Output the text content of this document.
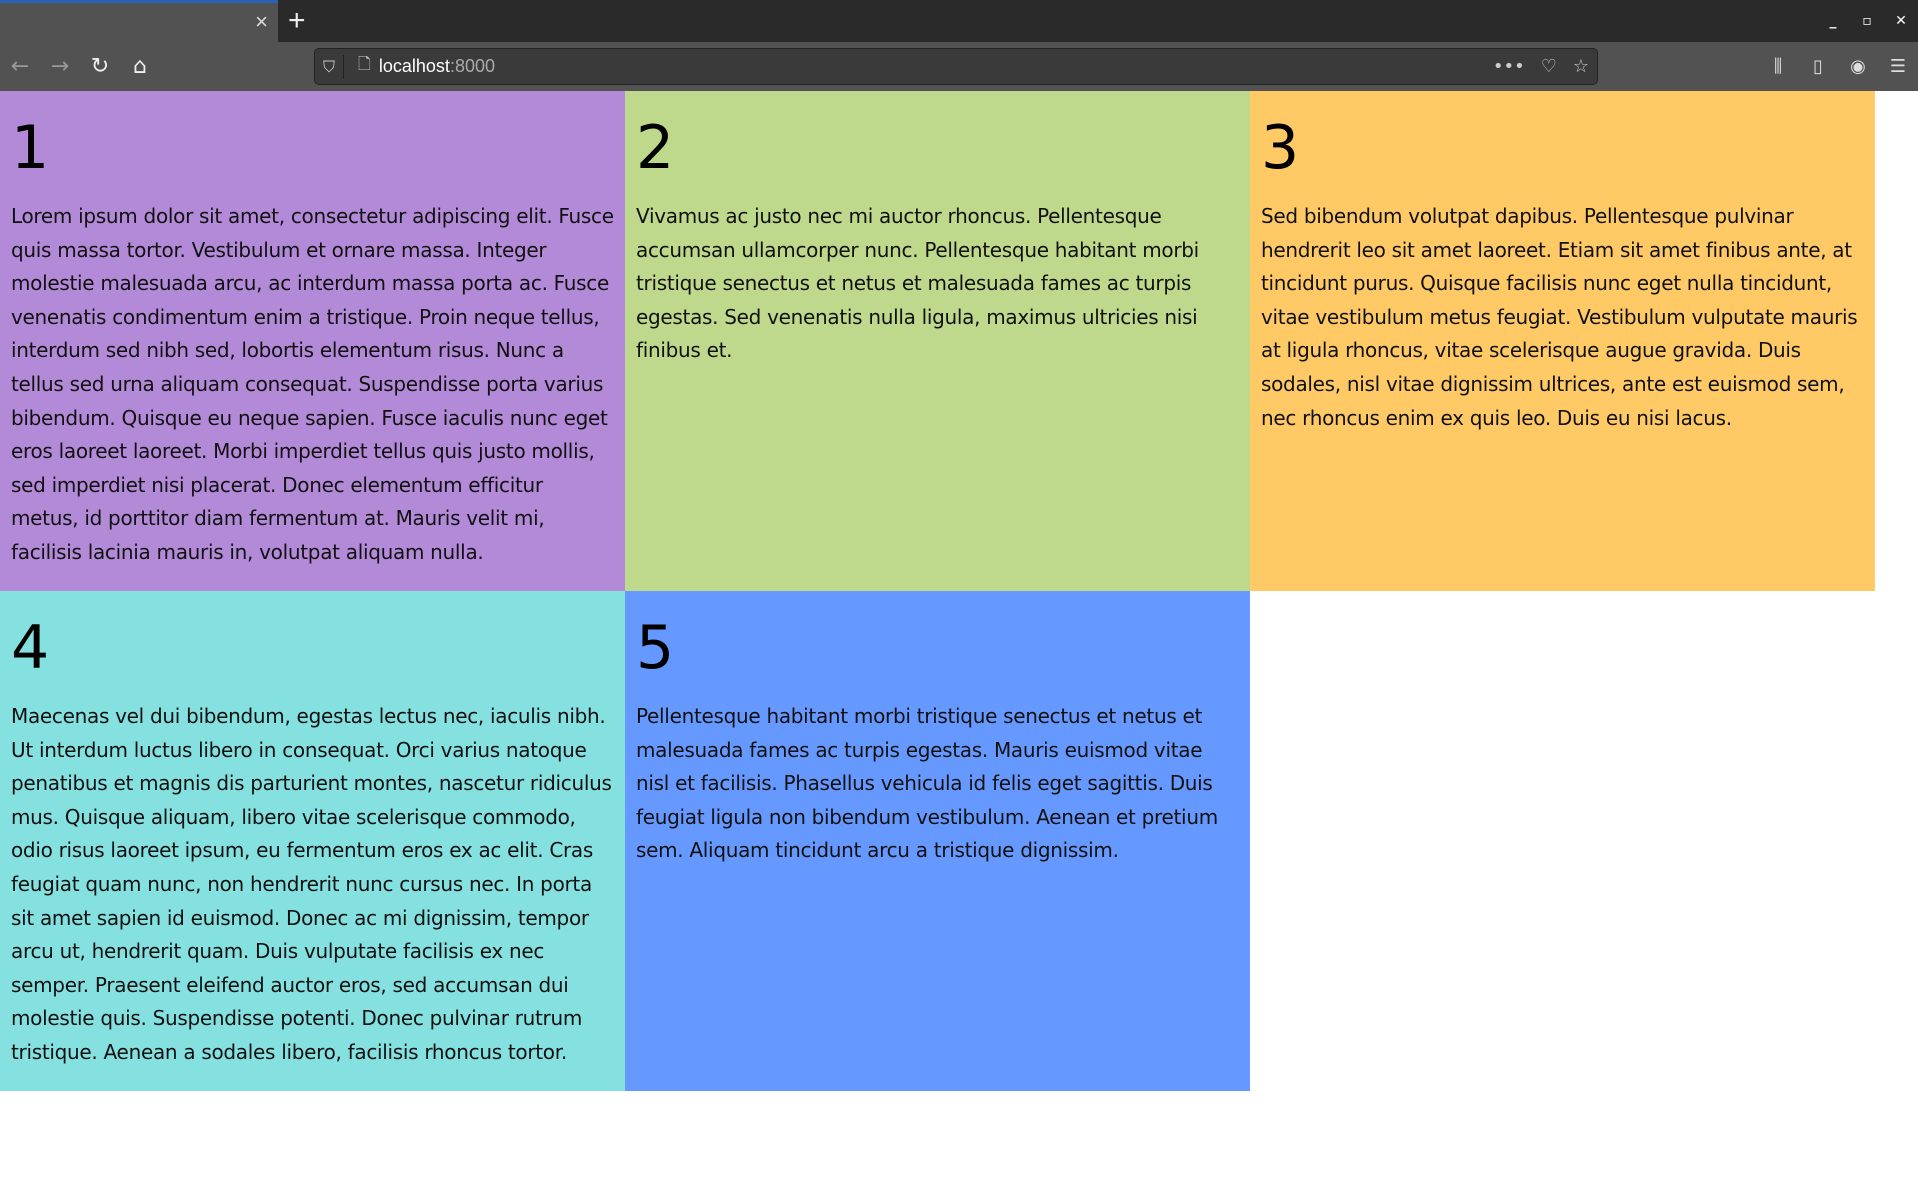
× +	_	▫	✕
← → ↻	⌂	⛉ 🗋 localhost:8000	••• ♡ ☆	⫼	▯	◉	☰
1

Lorem ipsum dolor sit amet, consectetur adipiscing elit. Fusce quis massa tortor. Vestibulum et ornare massa. Integer molestie malesuada arcu, ac interdum massa porta ac. Fusce venenatis condimentum enim a tristique. Proin neque tellus, interdum sed nibh sed, lobortis elementum risus. Nunc a tellus sed urna aliquam consequat. Suspendisse porta varius bibendum. Quisque eu neque sapien. Fusce iaculis nunc eget eros laoreet laoreet. Morbi imperdiet tellus quis justo mollis, sed imperdiet nisi placerat. Donec elementum efficitur metus, id porttitor diam fermentum at. Mauris velit mi, facilisis lacinia mauris in, volutpat aliquam nulla.

2

Vivamus ac justo nec mi auctor rhoncus. Pellentesque accumsan ullamcorper nunc. Pellentesque habitant morbi tristique senectus et netus et malesuada fames ac turpis egestas. Sed venenatis nulla ligula, maximus ultricies nisi finibus et.

3

Sed bibendum volutpat dapibus. Pellentesque pulvinar hendrerit leo sit amet laoreet. Etiam sit amet finibus ante, at tincidunt purus. Quisque facilisis nunc eget nulla tincidunt, vitae vestibulum metus feugiat. Vestibulum vulputate mauris at ligula rhoncus, vitae scelerisque augue gravida. Duis sodales, nisl vitae dignissim ultrices, ante est euismod sem, nec rhoncus enim ex quis leo. Duis eu nisi lacus.

4

Maecenas vel dui bibendum, egestas lectus nec, iaculis nibh. Ut interdum luctus libero in consequat. Orci varius natoque penatibus et magnis dis parturient montes, nascetur ridiculus mus. Quisque aliquam, libero vitae scelerisque commodo, odio risus laoreet ipsum, eu fermentum eros ex ac elit. Cras feugiat quam nunc, non hendrerit nunc cursus nec. In porta sit amet sapien id euismod. Donec ac mi dignissim, tempor arcu ut, hendrerit quam. Duis vulputate facilisis ex nec semper. Praesent eleifend auctor eros, sed accumsan dui molestie quis. Suspendisse potenti. Donec pulvinar rutrum tristique. Aenean a sodales libero, facilisis rhoncus tortor.

5

Pellentesque habitant morbi tristique senectus et netus et malesuada fames ac turpis egestas. Mauris euismod vitae nisl et facilisis. Phasellus vehicula id felis eget sagittis. Duis feugiat ligula non bibendum vestibulum. Aenean et pretium sem. Aliquam tincidunt arcu a tristique dignissim.
